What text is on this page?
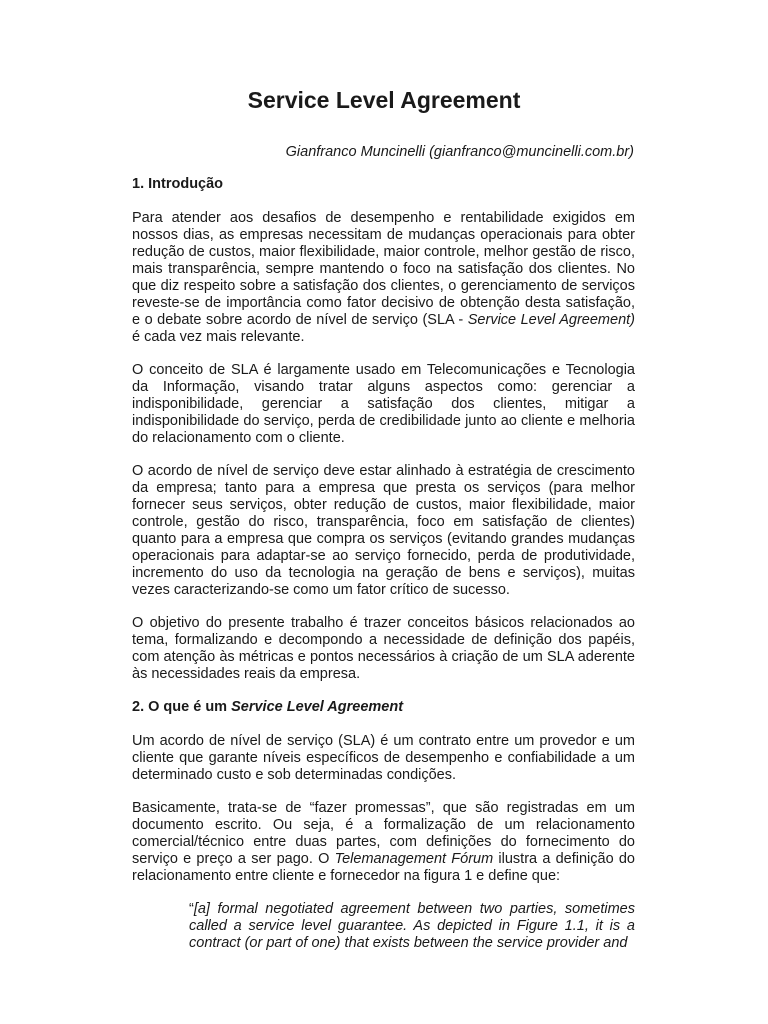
Service Level Agreement
Gianfranco Muncinelli (gianfranco@muncinelli.com.br)
1. Introdução

Para atender aos desafios de desempenho e rentabilidade exigidos em nossos dias, as empresas necessitam de mudanças operacionais para obter redução de custos, maior flexibilidade, maior controle, melhor gestão de risco, mais transparência, sempre mantendo o foco na satisfação dos clientes. No que diz respeito sobre a satisfação dos clientes, o gerenciamento de serviços reveste-se de importância como fator decisivo de obtenção desta satisfação, e o debate sobre acordo de nível de serviço (SLA - Service Level Agreement) é cada vez mais relevante.

O conceito de SLA é largamente usado em Telecomunicações e Tecnologia da Informação, visando tratar alguns aspectos como: gerenciar a indisponibilidade, gerenciar a satisfação dos clientes, mitigar a indisponibilidade do serviço, perda de credibilidade junto ao cliente e melhoria do relacionamento com o cliente.

O acordo de nível de serviço deve estar alinhado à estratégia de crescimento da empresa; tanto para a empresa que presta os serviços (para melhor fornecer seus serviços, obter redução de custos, maior flexibilidade, maior controle, gestão do risco, transparência, foco em satisfação de clientes) quanto para a empresa que compra os serviços (evitando grandes mudanças operacionais para adaptar-se ao serviço fornecido, perda de produtividade, incremento do uso da tecnologia na geração de bens e serviços), muitas vezes caracterizando-se como um fator crítico de sucesso.

O objetivo do presente trabalho é trazer conceitos básicos relacionados ao tema, formalizando e decompondo a necessidade de definição dos papéis, com atenção às métricas e pontos necessários à criação de um SLA aderente às necessidades reais da empresa.

2. O que é um Service Level Agreement

Um acordo de nível de serviço (SLA) é um contrato entre um provedor e um cliente que garante níveis específicos de desempenho e confiabilidade a um determinado custo e sob determinadas condições.

Basicamente, trata-se de “fazer promessas”, que são registradas em um documento escrito. Ou seja, é a formalização de um relacionamento comercial/técnico entre duas partes, com definições do fornecimento do serviço e preço a ser pago. O Telemanagement Fórum ilustra a definição do relacionamento entre cliente e fornecedor na figura 1 e define que:

“[a] formal negotiated agreement between two parties, sometimes called a service level guarantee. As depicted in Figure 1.1, it is a contract (or part of one) that exists between the service provider and
